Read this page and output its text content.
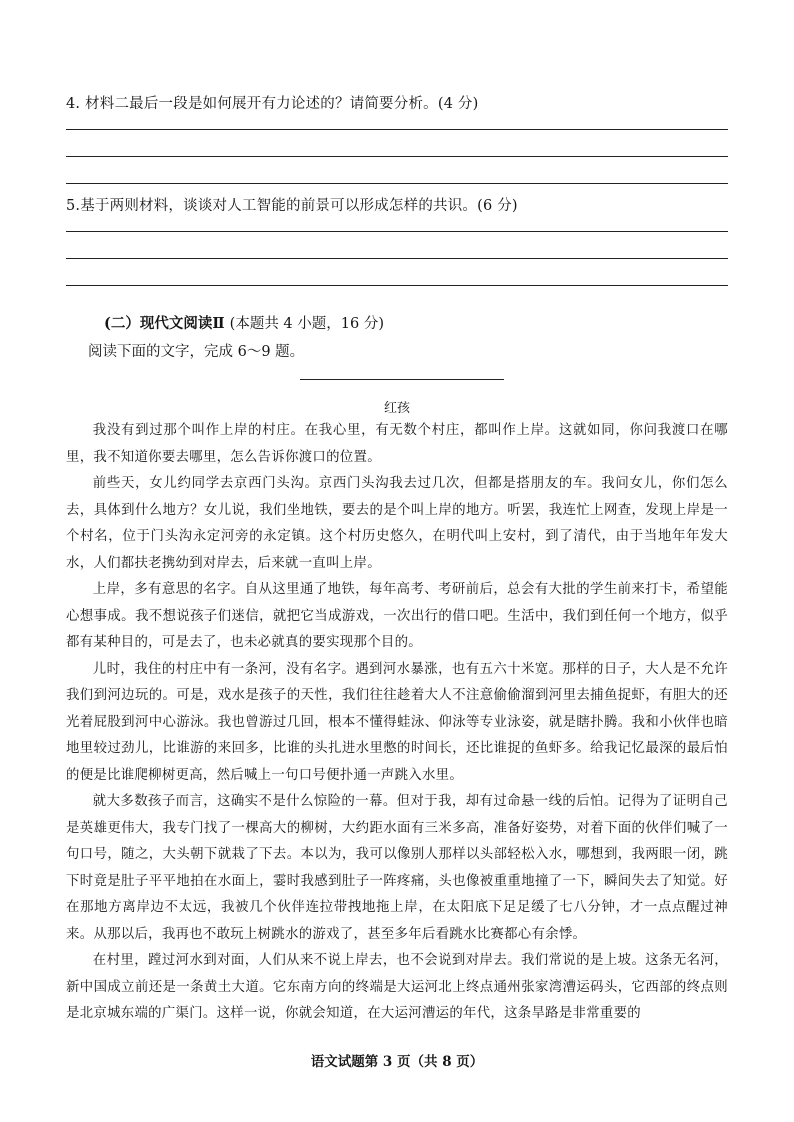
4. 材料二最后一段是如何展开有力论述的？请简要分析。(4 分)
5.基于两则材料，谈谈对人工智能的前景可以形成怎样的共识。(6 分)
(二）现代文阅读Ⅱ (本题共 4 小题，16 分)
阅读下面的文字，完成 6～9 题。
红孩

我没有到过那个叫作上岸的村庄。在我心里，有无数个村庄，都叫作上岸。这就如同，你问我渡口在哪里，我不知道你要去哪里，怎么告诉你渡口的位置。

前些天，女儿约同学去京西门头沟。京西门头沟我去过几次，但都是搭朋友的车。我问女儿，你们怎么去，具体到什么地方？女儿说，我们坐地铁，要去的是个叫上岸的地方。听罢，我连忙上网查，发现上岸是一个村名，位于门头沟永定河旁的永定镇。这个村历史悠久，在明代叫上安村，到了清代，由于当地年年发大水，人们都扶老携幼到对岸去，后来就一直叫上岸。

上岸，多有意思的名字。自从这里通了地铁，每年高考、考研前后，总会有大批的学生前来打卡，希望能心想事成。我不想说孩子们迷信，就把它当成游戏，一次出行的借口吧。生活中，我们到任何一个地方，似乎都有某种目的，可是去了，也未必就真的要实现那个目的。

儿时，我住的村庄中有一条河，没有名字。遇到河水暴涨，也有五六十米宽。那样的日子，大人是不允许我们到河边玩的。可是，戏水是孩子的天性，我们往往趁着大人不注意偷偷溜到河里去捕鱼捉虾，有胆大的还光着屁股到河中心游泳。我也曾游过几回，根本不懂得蛙泳、仰泳等专业泳姿，就是瞎扑腾。我和小伙伴也暗地里较过劲儿，比谁游的来回多，比谁的头扎进水里憋的时间长，还比谁捉的鱼虾多。给我记忆最深的最后怕的便是比谁爬柳树更高，然后喊上一句口号便扑通一声跳入水里。

就大多数孩子而言，这确实不是什么惊险的一幕。但对于我，却有过命悬一线的后怕。记得为了证明自己是英雄更伟大，我专门找了一棵高大的柳树，大约距水面有三米多高，准备好姿势，对着下面的伙伴们喊了一句口号，随之，大头朝下就栽了下去。本以为，我可以像别人那样以头部轻松入水，哪想到，我两眼一闭，跳下时竟是肚子平平地拍在水面上，霎时我感到肚子一阵疼痛，头也像被重重地撞了一下，瞬间失去了知觉。好在那地方离岸边不太远，我被几个伙伴连拉带拽地拖上岸，在太阳底下足足缓了七八分钟，才一点点醒过神来。从那以后，我再也不敢玩上树跳水的游戏了，甚至多年后看跳水比赛都心有余悸。

在村里，蹚过河水到对面，人们从来不说上岸去，也不会说到对岸去。我们常说的是上坡。这条无名河，新中国成立前还是一条黄土大道。它东南方向的终端是大运河北上终点通州张家湾漕运码头，它西部的终点则是北京城东端的广渠门。这样一说，你就会知道，在大运河漕运的年代，这条旱路是非常重要的

语文试题第 3 页（共 8 页）
